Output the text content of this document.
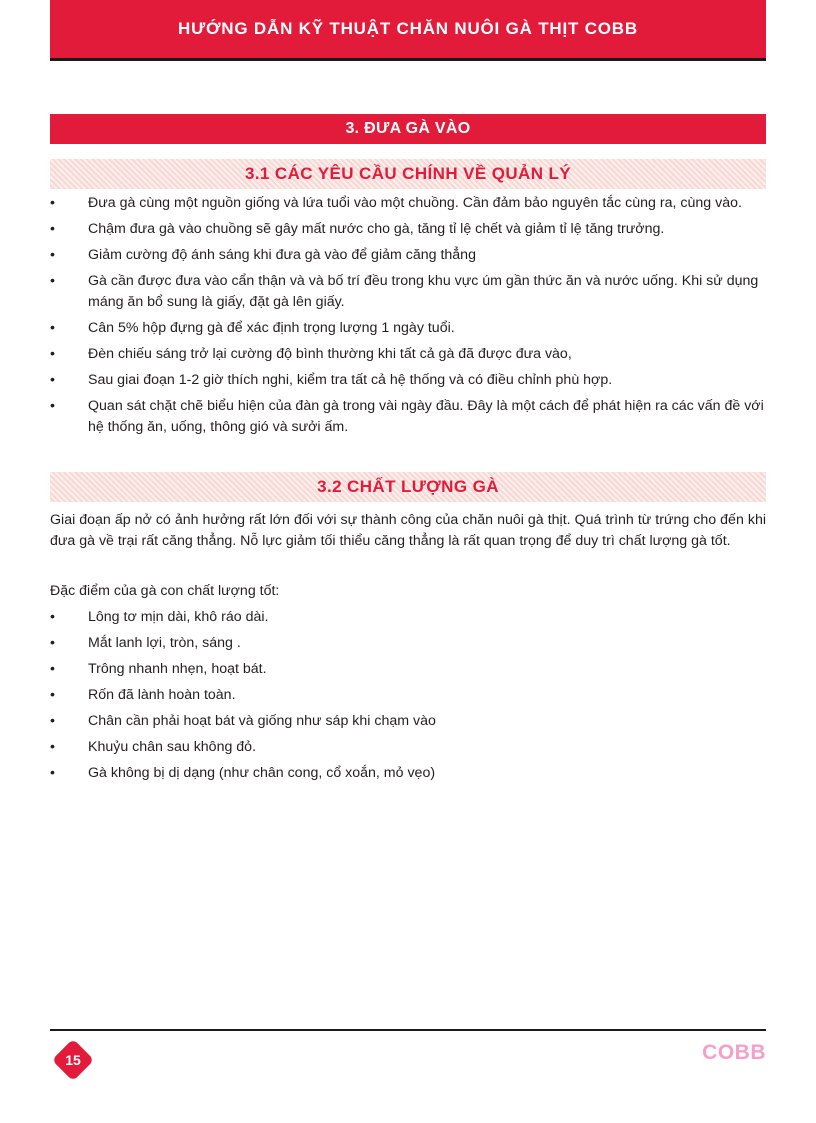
HƯỚNG DẪN KỸ THUẬT CHĂN NUÔI GÀ THỊT COBB
3. ĐƯA GÀ VÀO
3.1 CÁC YÊU CẦU CHÍNH VỀ QUẢN LÝ
•	Đưa gà cùng một nguồn giống và lứa tuổi vào một chuồng. Cần đảm bảo nguyên tắc cùng ra, cùng vào.
•	Chậm đưa gà vào chuồng sẽ gây mất nước cho gà, tăng tỉ lệ chết và giảm tỉ lệ tăng trưởng.
•	Giảm cường độ ánh sáng khi đưa gà vào để giảm căng thẳng
•	Gà cần được đưa vào cẩn thận và và bố trí đều trong khu vực úm gần thức ăn và nước uống. Khi sử dụng máng ăn bổ sung là giấy, đặt gà lên giấy.
•	Cân 5% hộp đựng gà để xác định trọng lượng 1 ngày tuổi.
•	Đèn chiếu sáng trở lại cường độ bình thường khi tất cả gà đã được đưa vào,
•	Sau giai đoạn 1-2 giờ thích nghi, kiểm tra tất cả hệ thống và có điều chỉnh phù hợp.
•	Quan sát chặt chẽ biểu hiện của đàn gà trong vài ngày đầu. Đây là một cách để phát hiện ra các vấn đề với hệ thống ăn, uống, thông gió và sưởi ấm.
3.2 CHẤT LƯỢNG GÀ

Giai đoạn ấp nở có ảnh hưởng rất lớn đối với sự thành công của chăn nuôi gà thịt. Quá trình từ trứng cho đến khi đưa gà về trại rất căng thẳng. Nỗ lực giảm tối thiểu căng thẳng là rất quan trọng để duy trì chất lượng gà tốt.

Đặc điểm của gà con chất lượng tốt:

•	Lông tơ mịn dài, khô ráo dài.
•	Mắt lanh lợi, tròn, sáng .
•	Trông nhanh nhẹn, hoạt bát.
•	Rốn đã lành hoàn toàn.
•	Chân cần phải hoạt bát và giống như sáp khi chạm vào
•	Khuỷu chân sau không đỏ.
•	Gà không bị dị dạng (như chân cong, cổ xoắn, mỏ vẹo)
15	COBB
